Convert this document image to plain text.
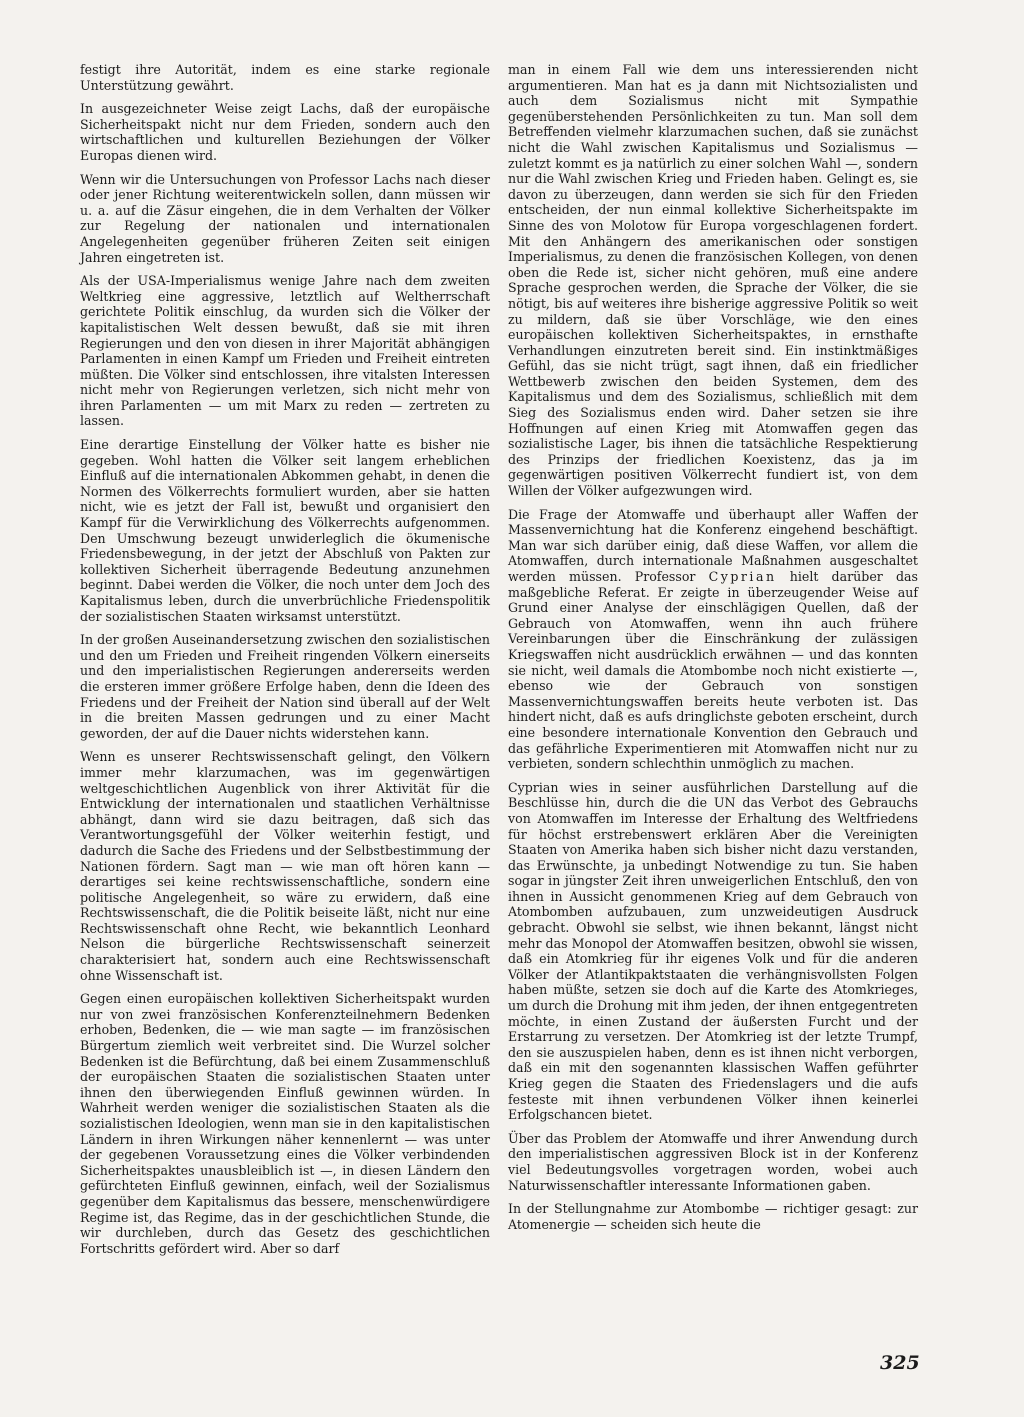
festigt ihre Autorität, indem es eine starke regionale Unterstützung gewährt.

In ausgezeichneter Weise zeigt Lachs, daß der europäische Sicherheitspakt nicht nur dem Frieden, sondern auch den wirtschaftlichen und kulturellen Beziehungen der Völker Europas dienen wird.

Wenn wir die Untersuchungen von Professor Lachs nach dieser oder jener Richtung weiterentwickeln sollen, dann müssen wir u. a. auf die Zäsur eingehen, die in dem Verhalten der Völker zur Regelung der nationalen und internationalen Angelegenheiten gegenüber früheren Zeiten seit einigen Jahren eingetreten ist.

Als der USA-Imperialismus wenige Jahre nach dem zweiten Weltkrieg eine aggressive, letztlich auf Weltherrschaft gerichtete Politik einschlug, da wurden sich die Völker der kapitalistischen Welt dessen bewußt, daß sie mit ihren Regierungen und den von diesen in ihrer Majorität abhängigen Parlamenten in einen Kampf um Frieden und Freiheit eintreten müßten. Die Völker sind entschlossen, ihre vitalsten Interessen nicht mehr von Regierungen verletzen, sich nicht mehr von ihren Parlamenten — um mit Marx zu reden — zertreten zu lassen.

Eine derartige Einstellung der Völker hatte es bisher nie gegeben. Wohl hatten die Völker seit langem erheblichen Einfluß auf die internationalen Abkommen gehabt, in denen die Normen des Völkerrechts formuliert wurden, aber sie hatten nicht, wie es jetzt der Fall ist, bewußt und organisiert den Kampf für die Verwirklichung des Völkerrechts aufgenommen. Den Umschwung bezeugt unwiderleglich die ökumenische Friedensbewegung, in der jetzt der Abschluß von Pakten zur kollektiven Sicherheit überragende Bedeutung anzunehmen beginnt. Dabei werden die Völker, die noch unter dem Joch des Kapitalismus leben, durch die unverbrüchliche Friedenspolitik der sozialistischen Staaten wirksamst unterstützt.

In der großen Auseinandersetzung zwischen den sozialistischen und den um Frieden und Freiheit ringenden Völkern einerseits und den imperialistischen Regierungen andererseits werden die ersteren immer größere Erfolge haben, denn die Ideen des Friedens und der Freiheit der Nation sind überall auf der Welt in die breiten Massen gedrungen und zu einer Macht geworden, der auf die Dauer nichts widerstehen kann.

Wenn es unserer Rechtswissenschaft gelingt, den Völkern immer mehr klarzumachen, was im gegenwärtigen weltgeschichtlichen Augenblick von ihrer Aktivität für die Entwicklung der internationalen und staatlichen Verhältnisse abhängt, dann wird sie dazu beitragen, daß sich das Verantwortungsgefühl der Völker weiterhin festigt, und dadurch die Sache des Friedens und der Selbstbestimmung der Nationen fördern. Sagt man — wie man oft hören kann — derartiges sei keine rechtswissenschaftliche, sondern eine politische Angelegenheit, so wäre zu erwidern, daß eine Rechtswissenschaft, die die Politik beiseite läßt, nicht nur eine Rechtswissenschaft ohne Recht, wie bekanntlich Leonhard Nelson die bürgerliche Rechtswissenschaft seinerzeit charakterisiert hat, sondern auch eine Rechtswissenschaft ohne Wissenschaft ist.

Gegen einen europäischen kollektiven Sicherheitspakt wurden nur von zwei französischen Konferenzteilnehmern Bedenken erhoben, Bedenken, die — wie man sagte — im französischen Bürgertum ziemlich weit verbreitet sind. Die Wurzel solcher Bedenken ist die Befürchtung, daß bei einem Zusammenschluß der europäischen Staaten die sozialistischen Staaten unter ihnen den überwiegenden Einfluß gewinnen würden. In Wahrheit werden weniger die sozialistischen Staaten als die sozialistischen Ideologien, wenn man sie in den kapitalistischen Ländern in ihren Wirkungen näher kennenlernt — was unter der gegebenen Voraussetzung eines die Völker verbindenden Sicherheitspaktes unausbleiblich ist —, in diesen Ländern den gefürchteten Einfluß gewinnen, einfach, weil der Sozialismus gegenüber dem Kapitalismus das bessere, menschenwürdigere Regime ist, das Regime, das in der geschichtlichen Stunde, die wir durchleben, durch das Gesetz des geschichtlichen Fortschritts gefördert wird. Aber so darf

man in einem Fall wie dem uns interessierenden nicht argumentieren. Man hat es ja dann mit Nichtsozialisten und auch dem Sozialismus nicht mit Sympathie gegenüberstehenden Persönlichkeiten zu tun. Man soll dem Betreffenden vielmehr klarzumachen suchen, daß sie zunächst nicht die Wahl zwischen Kapitalismus und Sozialismus — zuletzt kommt es ja natürlich zu einer solchen Wahl —, sondern nur die Wahl zwischen Krieg und Frieden haben. Gelingt es, sie davon zu überzeugen, dann werden sie sich für den Frieden entscheiden, der nun einmal kollektive Sicherheitspakte im Sinne des von Molotow für Europa vorgeschlagenen fordert. Mit den Anhängern des amerikanischen oder sonstigen Imperialismus, zu denen die französischen Kollegen, von denen oben die Rede ist, sicher nicht gehören, muß eine andere Sprache gesprochen werden, die Sprache der Völker, die sie nötigt, bis auf weiteres ihre bisherige aggressive Politik so weit zu mildern, daß sie über Vorschläge, wie den eines europäischen kollektiven Sicherheitspaktes, in ernsthafte Verhandlungen einzutreten bereit sind. Ein instinktmäßiges Gefühl, das sie nicht trügt, sagt ihnen, daß ein friedlicher Wettbewerb zwischen den beiden Systemen, dem des Kapitalismus und dem des Sozialismus, schließlich mit dem Sieg des Sozialismus enden wird. Daher setzen sie ihre Hoffnungen auf einen Krieg mit Atomwaffen gegen das sozialistische Lager, bis ihnen die tatsächliche Respektierung des Prinzips der friedlichen Koexistenz, das ja im gegenwärtigen positiven Völkerrecht fundiert ist, von dem Willen der Völker aufgezwungen wird.

Die Frage der Atomwaffe und überhaupt aller Waffen der Massenvernichtung hat die Konferenz eingehend beschäftigt. Man war sich darüber einig, daß diese Waffen, vor allem die Atomwaffen, durch internationale Maßnahmen ausgeschaltet werden müssen. Professor Cyprian hielt darüber das maßgebliche Referat. Er zeigte in überzeugender Weise auf Grund einer Analyse der einschlägigen Quellen, daß der Gebrauch von Atomwaffen, wenn ihn auch frühere Vereinbarungen über die Einschränkung der zulässigen Kriegswaffen nicht ausdrücklich erwähnen — und das konnten sie nicht, weil damals die Atombombe noch nicht existierte —, ebenso wie der Gebrauch von sonstigen Massenvernichtungswaffen bereits heute verboten ist. Das hindert nicht, daß es aufs dringlichste geboten erscheint, durch eine besondere internationale Konvention den Gebrauch und das gefährliche Experimentieren mit Atomwaffen nicht nur zu verbieten, sondern schlechthin unmöglich zu machen.

Cyprian wies in seiner ausführlichen Darstellung auf die Beschlüsse hin, durch die die UN das Verbot des Gebrauchs von Atomwaffen im Interesse der Erhaltung des Weltfriedens für höchst erstrebenswert erklären Aber die Vereinigten Staaten von Amerika haben sich bisher nicht dazu verstanden, das Erwünschte, ja unbedingt Notwendige zu tun. Sie haben sogar in jüngster Zeit ihren unweigerlichen Entschluß, den von ihnen in Aussicht genommenen Krieg auf dem Gebrauch von Atombomben aufzubauen, zum unzweideutigen Ausdruck gebracht. Obwohl sie selbst, wie ihnen bekannt, längst nicht mehr das Monopol der Atomwaffen besitzen, obwohl sie wissen, daß ein Atomkrieg für ihr eigenes Volk und für die anderen Völker der Atlantikpaktstaaten die verhängnisvollsten Folgen haben müßte, setzen sie doch auf die Karte des Atomkrieges, um durch die Drohung mit ihm jeden, der ihnen entgegentreten möchte, in einen Zustand der äußersten Furcht und der Erstarrung zu versetzen. Der Atomkrieg ist der letzte Trumpf, den sie auszuspielen haben, denn es ist ihnen nicht verborgen, daß ein mit den sogenannten klassischen Waffen geführter Krieg gegen die Staaten des Friedenslagers und die aufs festeste mit ihnen verbundenen Völker ihnen keinerlei Erfolgschancen bietet.

Über das Problem der Atomwaffe und ihrer Anwendung durch den imperialistischen aggressiven Block ist in der Konferenz viel Bedeutungsvolles vorgetragen worden, wobei auch Naturwissenschaftler interessante Informationen gaben.

In der Stellungnahme zur Atombombe — richtiger gesagt: zur Atomenergie — scheiden sich heute die

325
